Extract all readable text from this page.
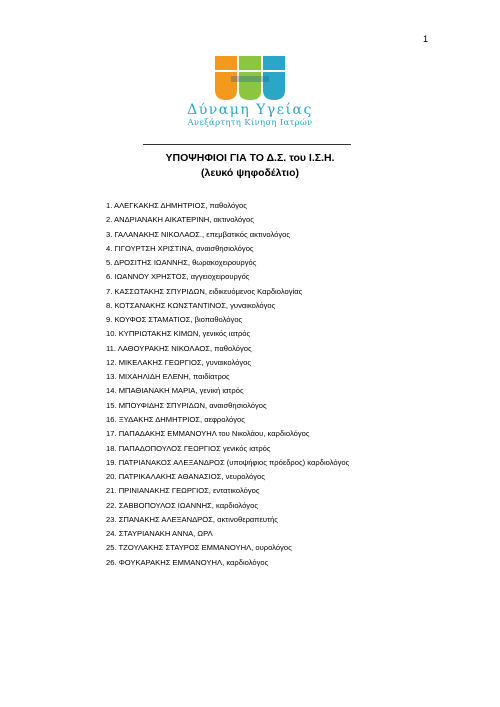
1
Δύναμη Υγείας
Ανεξάρτητη Κίνηση Ιατρών
ΥΠΟΨΗΦΙΟΙ ΓΙΑ ΤΟ Δ.Σ. του Ι.Σ.Η.
(λευκό ψηφοδέλτιο)
1. ΑΛΕΓΚΑΚΗΣ ΔΗΜΗΤΡΙΟΣ, παθολόγος
2. ΑΝΔΡΙΑΝΑΚΗ ΑΙΚΑΤΕΡΙΝΗ, ακτινολόγος
3. ΓΑΛΑΝΑΚΗΣ ΝΙΚΟΛΑΟΣ., επεμβατικός ακτινολόγος
4. ΓΙΓΟΥΡΤΣΗ ΧΡΙΣΤΙΝΑ, αναισθησιολόγος
5. ΔΡΟΣΙΤΗΣ ΙΩΑΝΝΗΣ, θωρακοχειρουργός
6. ΙΩΑΝΝΟΥ ΧΡΗΣΤΟΣ, αγγειοχειρουργός
7. ΚΑΣΣΩΤΑΚΗΣ ΣΠΥΡΙΔΩΝ, ειδικευόμενος Καρδιολογίας
8. ΚΟΤΣΑΝΑΚΗΣ ΚΩΝΣΤΑΝΤΙΝΟΣ, γυναικολόγος
9. ΚΟΥΦΟΣ ΣΤΑΜΑΤΙΟΣ, βιοπαθολόγος
10. ΚΥΠΡΙΩΤΑΚΗΣ ΚΙΜΩΝ, γενικός ιατρός
11. ΛΑΘΟΥΡΑΚΗΣ ΝΙΚΟΛΑΟΣ, παθολόγος
12. ΜΙΚΕΛΑΚΗΣ ΓΕΩΡΓΙΟΣ, γυναικολόγος
13. ΜΙΧΑΗΛΙΔΗ ΕΛΕΝΗ, παιδίατρος
14. ΜΠΑΘΙΑΝΑΚΗ ΜΑΡΙΑ, γενική ιατρός
15. ΜΠΟΥΦΙΔΗΣ ΣΠΥΡΙΔΩΝ, αναισθησιολόγος
16. ΞΥΔΑΚΗΣ ΔΗΜΗΤΡΙΟΣ, αεφρολόγος
17. ΠΑΠΑΔΑΚΗΣ ΕΜΜΑΝΟΥΗΛ του Νικολάου, καρδιολόγος
18. ΠΑΠΑΔΟΠΟΥΛΟΣ ΓΕΩΡΓΙΟΣ γενικός ιατρός
19. ΠΑΤΡΙΑΝΑΚΟΣ ΑΛΕΞΑΝΔΡΟΣ (υποψήφιος πρόεδρος) καρδιολόγος
20. ΠΑΤΡΙΚΑΛΑΚΗΣ ΑΘΑΝΑΣΙΟΣ, νευρολόγος
21. ΠΡΙΝΙΑΝΑΚΗΣ ΓΕΩΡΓΙΟΣ, εντατικολόγος
22. ΣΑΒΒΟΠΟΥΛΟΣ ΙΩΑΝΝΗΣ, καρδιολόγος
23. ΣΠΑΝΑΚΗΣ ΑΛΕΞΑΝΔΡΟΣ, ακτινοθεραπευτής
24. ΣΤΑΥΡΙΑΝΑΚΗ ΑΝΝΑ, ΩΡΛ
25. ΤΖΟΥΛΑΚΗΣ ΣΤΑΥΡΟΣ ΕΜΜΑΝΟΥΗΛ, ουρολόγος
26. ΦΟΥΚΑΡΑΚΗΣ ΕΜΜΑΝΟΥΗΛ, καρδιολόγος
